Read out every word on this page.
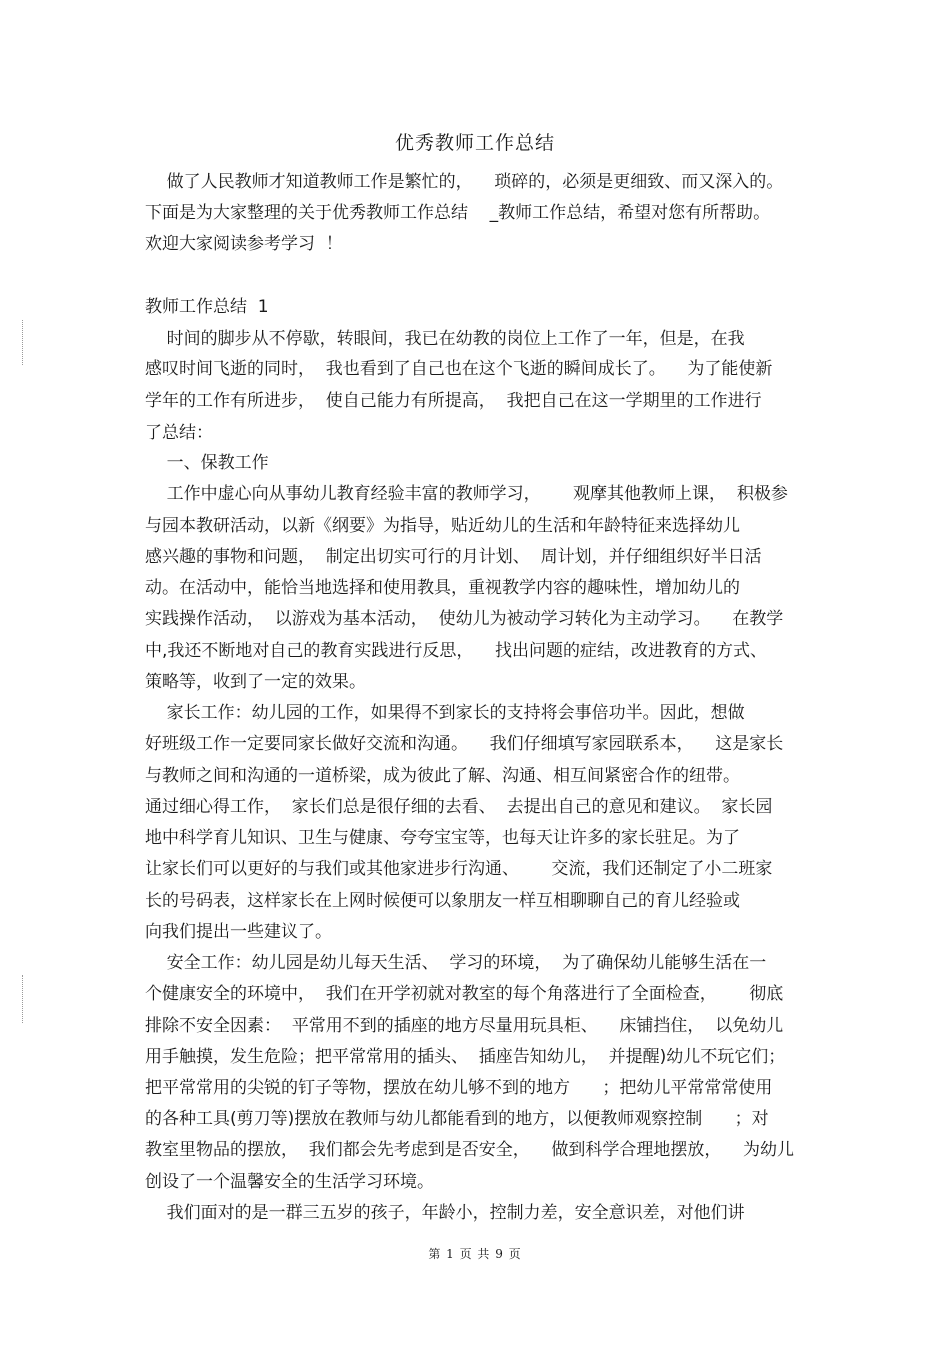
优秀教师工作总结
做了人民教师才知道教师工作是繁忙的，    琐碎的，必须是更细致、而又深入的。
下面是为大家整理的关于优秀教师工作总结    _教师工作总结，希望对您有所帮助。
欢迎大家阅读参考学习  ！
教师工作总结  1
时间的脚步从不停歇，转眼间，我已在幼教的岗位上工作了一年，但是，在我
感叹时间飞逝的同时，  我也看到了自己也在这个飞逝的瞬间成长了。    为了能使新
学年的工作有所进步，  使自己能力有所提高，  我把自己在这一学期里的工作进行
了总结：
一、保教工作
工作中虚心向从事幼儿教育经验丰富的教师学习，      观摩其他教师上课，  积极参
与园本教研活动，以新《纲要》为指导，贴近幼儿的生活和年龄特征来选择幼儿
感兴趣的事物和问题，  制定出切实可行的月计划、  周计划，并仔细组织好半日活
动。在活动中，能恰当地选择和使用教具，重视教学内容的趣味性，增加幼儿的
实践操作活动，  以游戏为基本活动，  使幼儿为被动学习转化为主动学习。    在教学
中,我还不断地对自己的教育实践进行反思，    找出问题的症结，改进教育的方式、
策略等，收到了一定的效果。
家长工作：幼儿园的工作，如果得不到家长的支持将会事倍功半。因此，想做
好班级工作一定要同家长做好交流和沟通。    我们仔细填写家园联系本，    这是家长
与教师之间和沟通的一道桥梁，成为彼此了解、沟通、相互间紧密合作的纽带。
通过细心得工作，  家长们总是很仔细的去看、  去提出自己的意见和建议。  家长园
地中科学育儿知识、卫生与健康、夸夸宝宝等，也每天让许多的家长驻足。为了
让家长们可以更好的与我们或其他家进步行沟通、      交流，我们还制定了小二班家
长的号码表，这样家长在上网时候便可以象朋友一样互相聊聊自己的育儿经验或
向我们提出一些建议了。
安全工作：幼儿园是幼儿每天生活、  学习的环境，  为了确保幼儿能够生活在一
个健康安全的环境中，  我们在开学初就对教室的每个角落进行了全面检查，      彻底
排除不安全因素：  平常用不到的插座的地方尽量用玩具柜、    床铺挡住，  以免幼儿
用手触摸，发生危险；把平常常用的插头、  插座告知幼儿，  并提醒)幼儿不玩它们；
把平常常用的尖锐的钉子等物，摆放在幼儿够不到的地方      ；把幼儿平常常常使用
的各种工具(剪刀等)摆放在教师与幼儿都能看到的地方，以便教师观察控制      ；对
教室里物品的摆放，  我们都会先考虑到是否安全，    做到科学合理地摆放，    为幼儿
创设了一个温馨安全的生活学习环境。
我们面对的是一群三五岁的孩子，年龄小，控制力差，安全意识差，对他们讲
第 1 页 共 9 页
